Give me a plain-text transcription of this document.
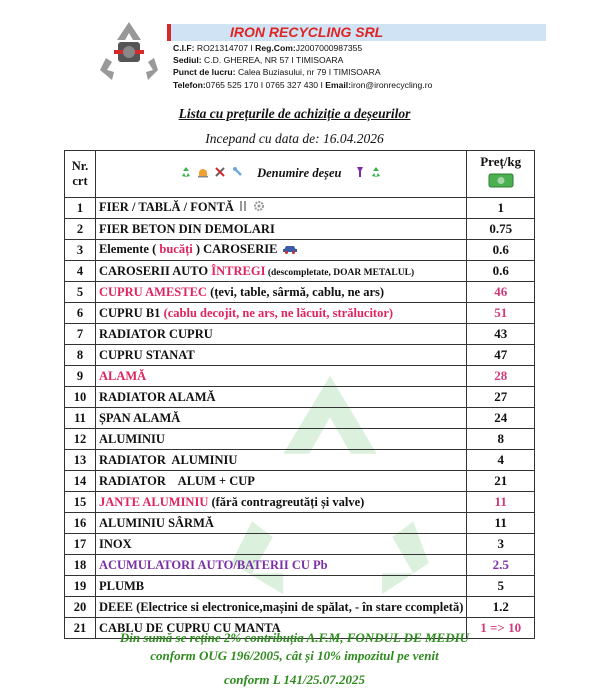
IRON RECYCLING SRL
C.I.F: RO21314707 I Reg.Com:J2007000987355
Sediul: C.D. GHEREA, NR 57 I TIMISOARA
Punct de lucru: Calea Buziasului, nr 79 I TIMISOARA
Telefon:0765 525 170 I 0765 327 430 I Email:iron@ironrecycling.ro
Lista cu prețurile de achiziție a deșeurilor
Incepand cu data de: 16.04.2026
Nr.
crt	Denumire deșeu	Preț/kg

1	FIER / TABLĂ / FONTĂ	1
2	FIER BETON DIN DEMOLARI	0.75
3	Elemente ( bucăți ) CAROSERIE	0.6
4	CAROSERII AUTO ÎNTREGI (descompletate, DOAR METALUL)	0.6
5	CUPRU AMESTEC (țevi, table, sârmă, cablu, ne ars)	46
6	CUPRU B1 (cablu decojit, ne ars, ne lăcuit, strălucitor)	51
7	RADIATOR CUPRU	43
8	CUPRU STANAT	47
9	ALAMĂ	28
10	RADIATOR ALAMĂ	27
11	ȘPAN ALAMĂ	24
12	ALUMINIU	8
13	RADIATOR  ALUMINIU	4
14	RADIATOR    ALUM + CUP	21
15	JANTE ALUMINIU (fără contragreutăți și valve)	11
16	ALUMINIU SÂRMĂ	11
17	INOX	3
18	ACUMULATORI AUTO/BATERII CU Pb	2.5
19	PLUMB	5
20	DEEE (Electrice si electronice,mașini de spălat, - în stare ccompletă)	1.2
21	CABLU DE CUPRU CU MANTA	1 => 10
Din sumă se reține 2% contribuția A.F.M, FONDUL DE MEDIU
conform OUG 196/2005, cât și 10% impozitul pe venit
conform L 141/25.07.2025
